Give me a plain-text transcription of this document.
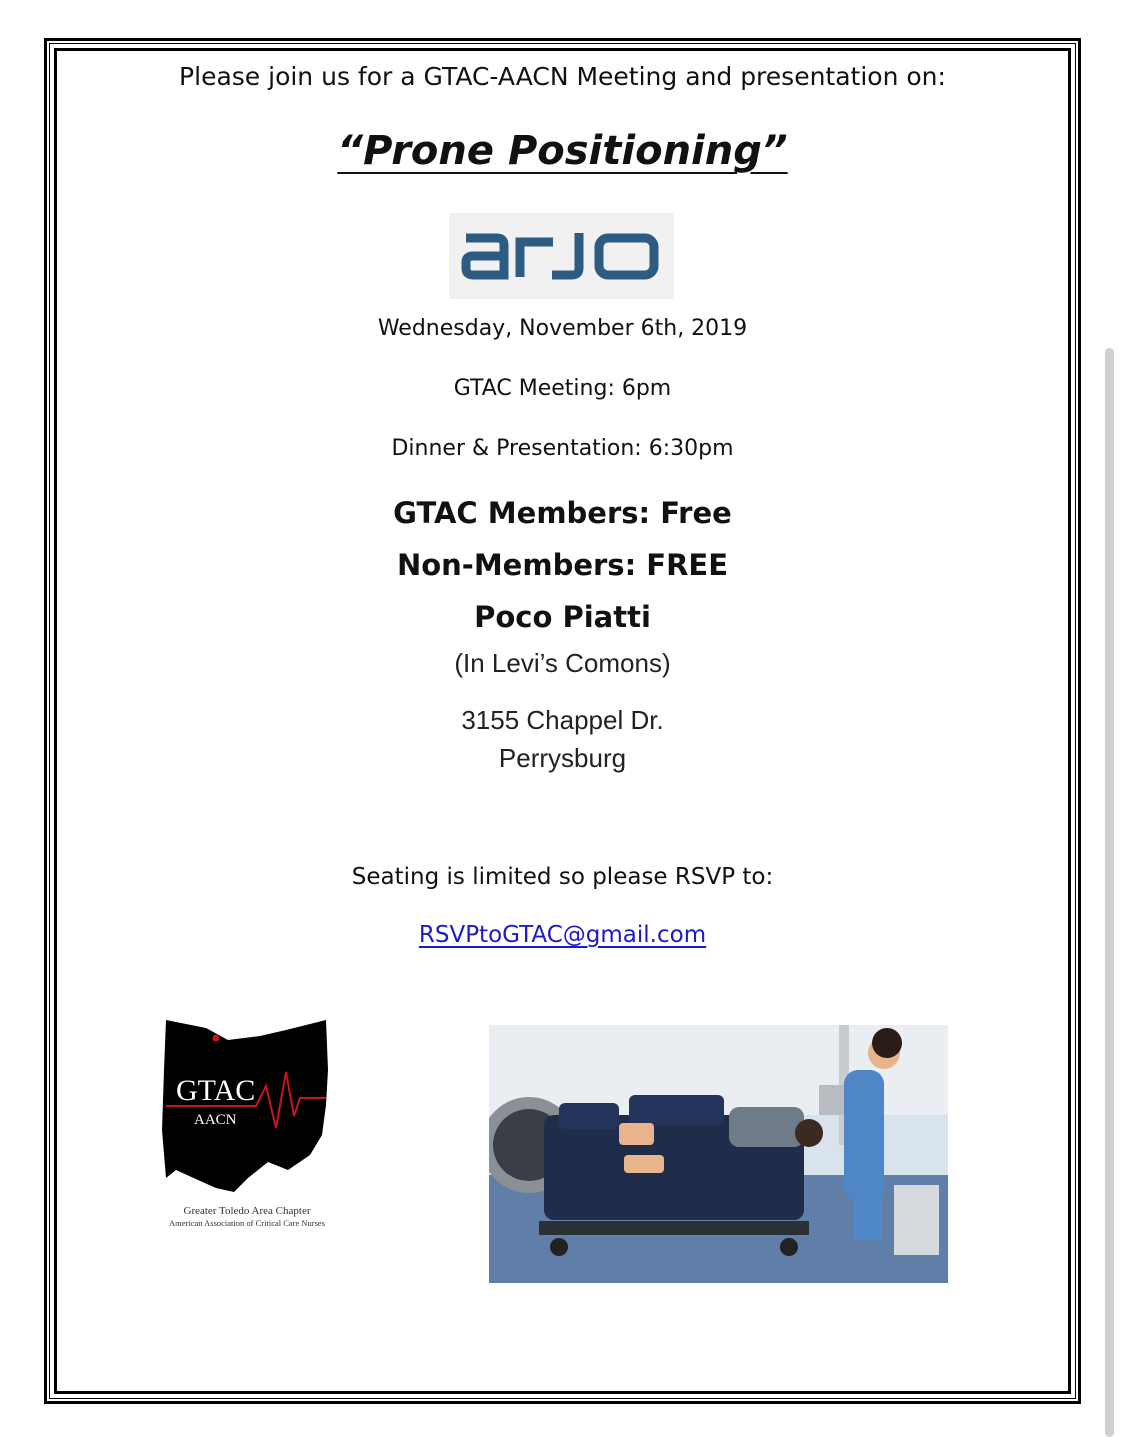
Please join us for a GTAC-AACN Meeting and presentation on:
“Prone Positioning”
Wednesday, November 6th, 2019
GTAC Meeting: 6pm
Dinner & Presentation: 6:30pm
GTAC Members: Free
Non-Members: FREE
Poco Piatti
(In Levi’s Comons)
3155 Chappel Dr.
Perrysburg
Seating is limited so please RSVP to:
RSVPtoGTAC@gmail.com
GTAC
AACN
Greater Toledo Area Chapter
American Association of Critical Care Nurses
